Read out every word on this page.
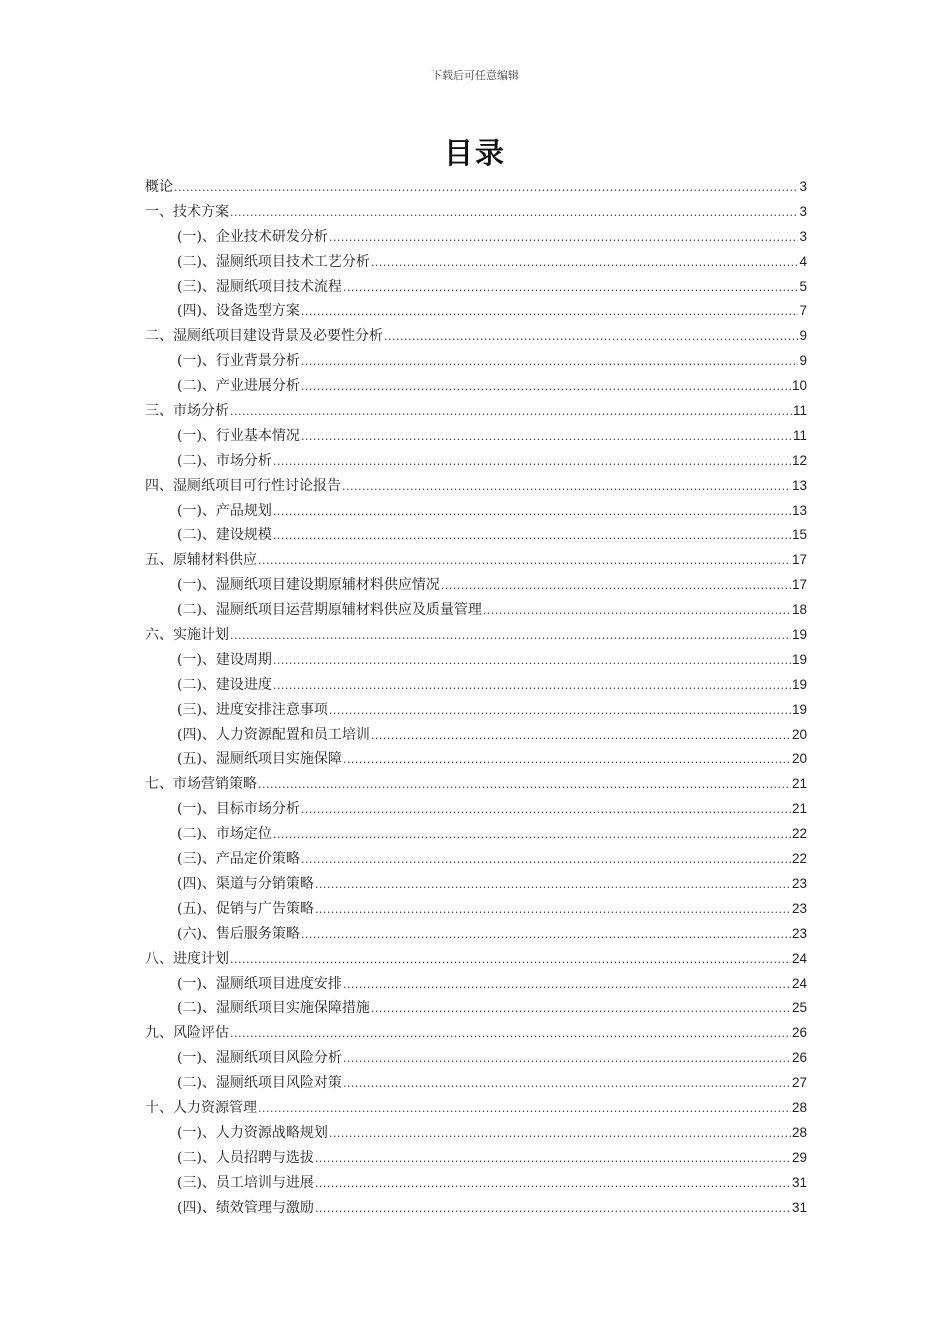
下载后可任意编辑
目录
概论 .....	3
一、技术方案 .....	3
(一)、企业技术研发分析 .....	3
(二)、湿厕纸项目技术工艺分析 .....	4
(三)、湿厕纸项目技术流程 .....	5
(四)、设备选型方案 .....	7
二、湿厕纸项目建设背景及必要性分析 .....	9
(一)、行业背景分析 .....	9
(二)、产业进展分析 .....	10
三、市场分析 .....	11
(一)、行业基本情况 .....	11
(二)、市场分析 .....	12
四、湿厕纸项目可行性讨论报告 .....	13
(一)、产品规划 .....	13
(二)、建设规模 .....	15
五、原辅材料供应 .....	17
(一)、湿厕纸项目建设期原辅材料供应情况 .....	17
(二)、湿厕纸项目运营期原辅材料供应及质量管理 .....	18
六、实施计划 .....	19
(一)、建设周期 .....	19
(二)、建设进度 .....	19
(三)、进度安排注意事项 .....	19
(四)、人力资源配置和员工培训 .....	20
(五)、湿厕纸项目实施保障 .....	20
七、市场营销策略 .....	21
(一)、目标市场分析 .....	21
(二)、市场定位 .....	22
(三)、产品定价策略 .....	22
(四)、渠道与分销策略 .....	23
(五)、促销与广告策略 .....	23
(六)、售后服务策略 .....	23
八、进度计划 .....	24
(一)、湿厕纸项目进度安排 .....	24
(二)、湿厕纸项目实施保障措施 .....	25
九、风险评估 .....	26
(一)、湿厕纸项目风险分析 .....	26
(二)、湿厕纸项目风险对策 .....	27
十、人力资源管理 .....	28
(一)、人力资源战略规划 .....	28
(二)、人员招聘与选拔 .....	29
(三)、员工培训与进展 .....	31
(四)、绩效管理与激励 .....	31
